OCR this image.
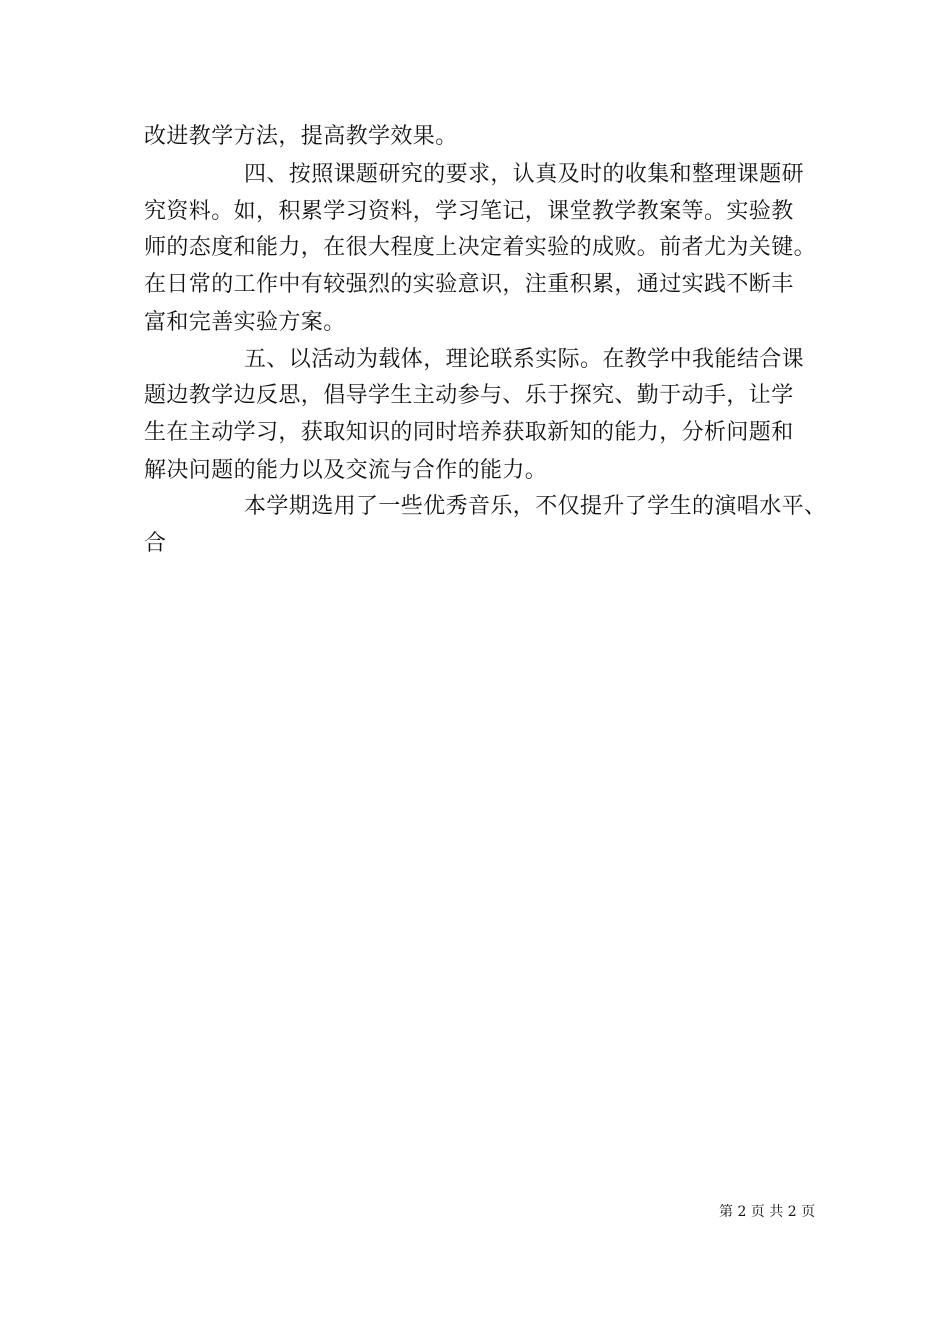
改进教学方法，提高教学效果。
四、按照课题研究的要求，认真及时的收集和整理课题研
究资料。如，积累学习资料，学习笔记，课堂教学教案等。实验教
师的态度和能力，在很大程度上决定着实验的成败。前者尤为关键。
在日常的工作中有较强烈的实验意识，注重积累，通过实践不断丰
富和完善实验方案。
五、以活动为载体，理论联系实际。在教学中我能结合课
题边教学边反思，倡导学生主动参与、乐于探究、勤于动手，让学
生在主动学习，获取知识的同时培养获取新知的能力，分析问题和
解决问题的能力以及交流与合作的能力。
本学期选用了一些优秀音乐，不仅提升了学生的演唱水平、
合
第 2 页 共 2 页
